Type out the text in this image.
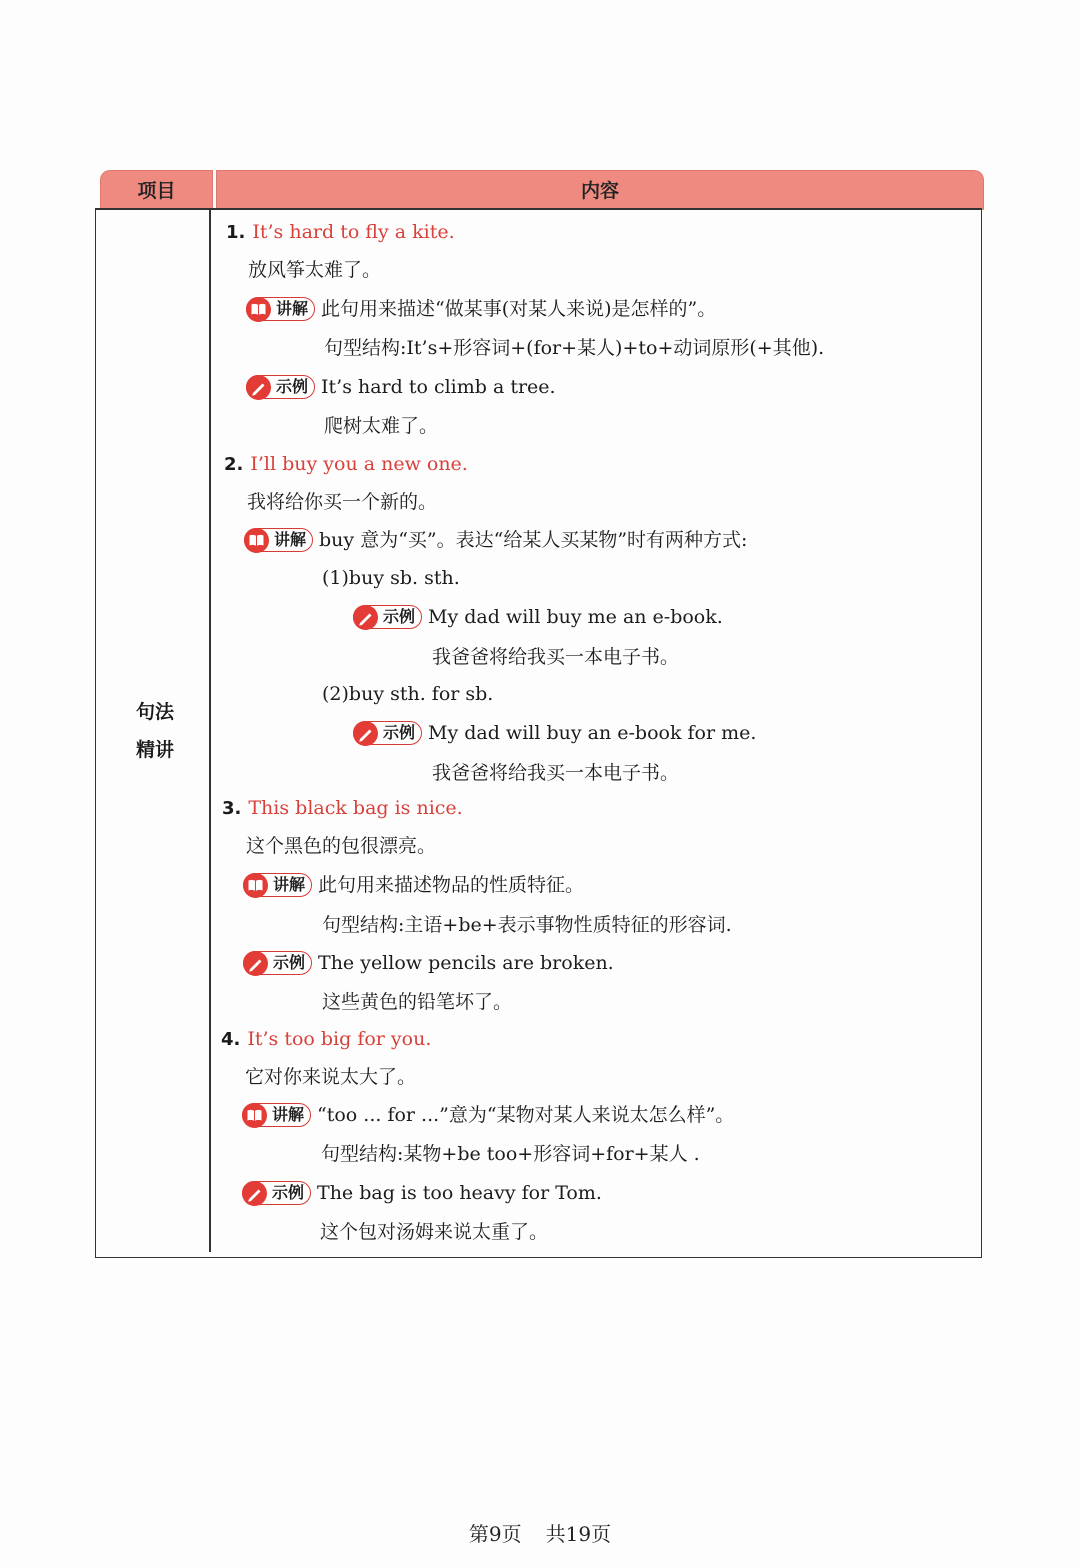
项目	内容
句法
精讲
1. It’s hard to fly a kite.
放风筝太难了。
讲解 此句用来描述“做某事(对某人来说)是怎样的”。
句型结构:It’s+形容词+(for+某人)+to+动词原形(+其他).
示例 It’s hard to climb a tree.
爬树太难了。
2. I’ll buy you a new one.
我将给你买一个新的。
讲解 buy 意为“买”。表达“给某人买某物”时有两种方式:
(1)buy sb. sth.
示例 My dad will buy me an e-book.
我爸爸将给我买一本电子书。
(2)buy sth. for sb.
示例 My dad will buy an e-book for me.
我爸爸将给我买一本电子书。
3. This black bag is nice.
这个黑色的包很漂亮。
讲解 此句用来描述物品的性质特征。
句型结构:主语+be+表示事物性质特征的形容词.
示例 The yellow pencils are broken.
这些黄色的铅笔坏了。
4. It’s too big for you.
它对你来说太大了。
讲解 “too ... for ...”意为“某物对某人来说太怎么样”。
句型结构:某物+be too+形容词+for+某人 .
示例 The bag is too heavy for Tom.
这个包对汤姆来说太重了。
第9页 共19页
